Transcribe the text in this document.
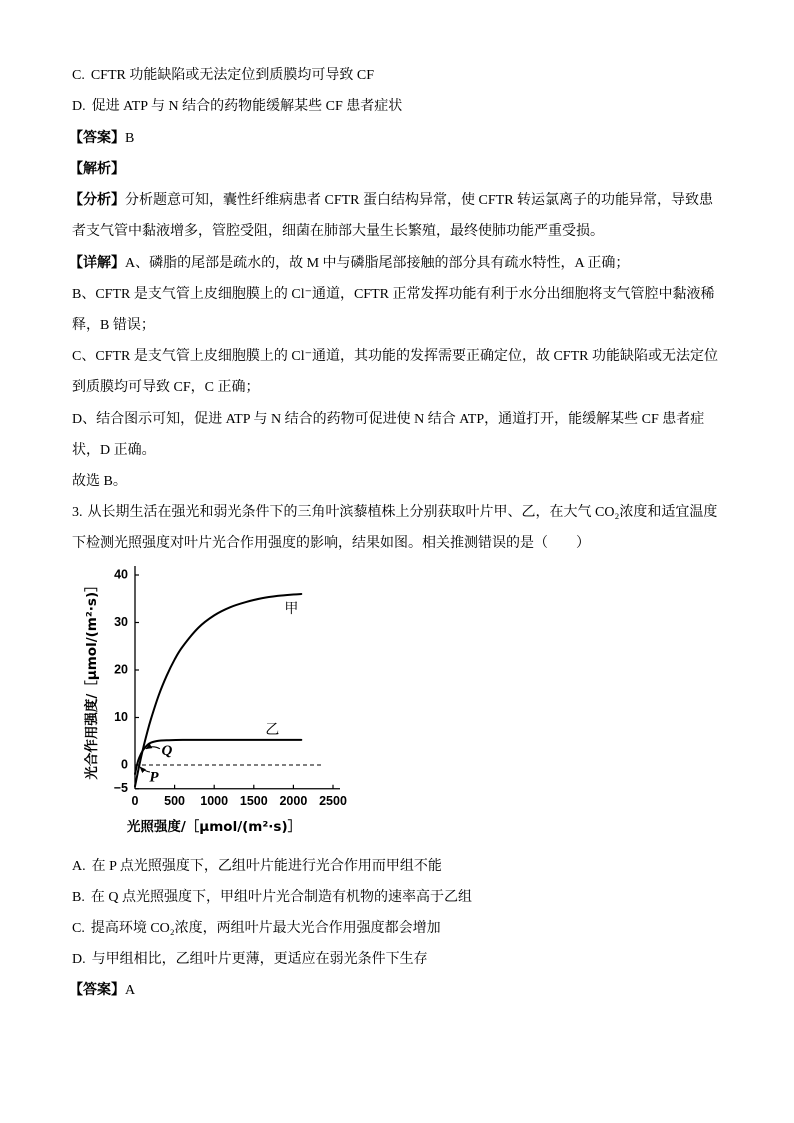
C. CFTR 功能缺陷或无法定位到质膜均可导致 CF
D. 促进 ATP 与 N 结合的药物能缓解某些 CF 患者症状
【答案】B
【解析】
【分析】分析题意可知，囊性纤维病患者 CFTR 蛋白结构异常，使 CFTR 转运氯离子的功能异常，导致患
者支气管中黏液增多，管腔受阻，细菌在肺部大量生长繁殖，最终使肺功能严重受损。
【详解】A、磷脂的尾部是疏水的，故 M 中与磷脂尾部接触的部分具有疏水特性，A 正确；
B、CFTR 是支气管上皮细胞膜上的 Cl⁻通道，CFTR 正常发挥功能有利于水分出细胞将支气管腔中黏液稀
释，B 错误；
C、CFTR 是支气管上皮细胞膜上的 Cl⁻通道，其功能的发挥需要正确定位，故 CFTR 功能缺陷或无法定位
到质膜均可导致 CF，C 正确；
D、结合图示可知，促进 ATP 与 N 结合的药物可促进使 N 结合 ATP，通道打开，能缓解某些 CF 患者症
状，D 正确。
故选 B。
3. 从长期生活在强光和弱光条件下的三角叶滨藜植株上分别获取叶片甲、乙，在大气 CO₂浓度和适宜温度
下检测光照强度对叶片光合作用强度的影响，结果如图。相关推测错误的是（　　）
光合作用强度/［μmol/(m²·s)］
光照强度/［μmol/(m²·s)］
−5
0
10
20
30
40
0 500 1000 1500 2000 2500
甲
乙
Q
P
A. 在 P 点光照强度下，乙组叶片能进行光合作用而甲组不能
B. 在 Q 点光照强度下，甲组叶片光合制造有机物的速率高于乙组
C. 提高环境 CO₂浓度，两组叶片最大光合作用强度都会增加
D. 与甲组相比，乙组叶片更薄，更适应在弱光条件下生存
【答案】A
